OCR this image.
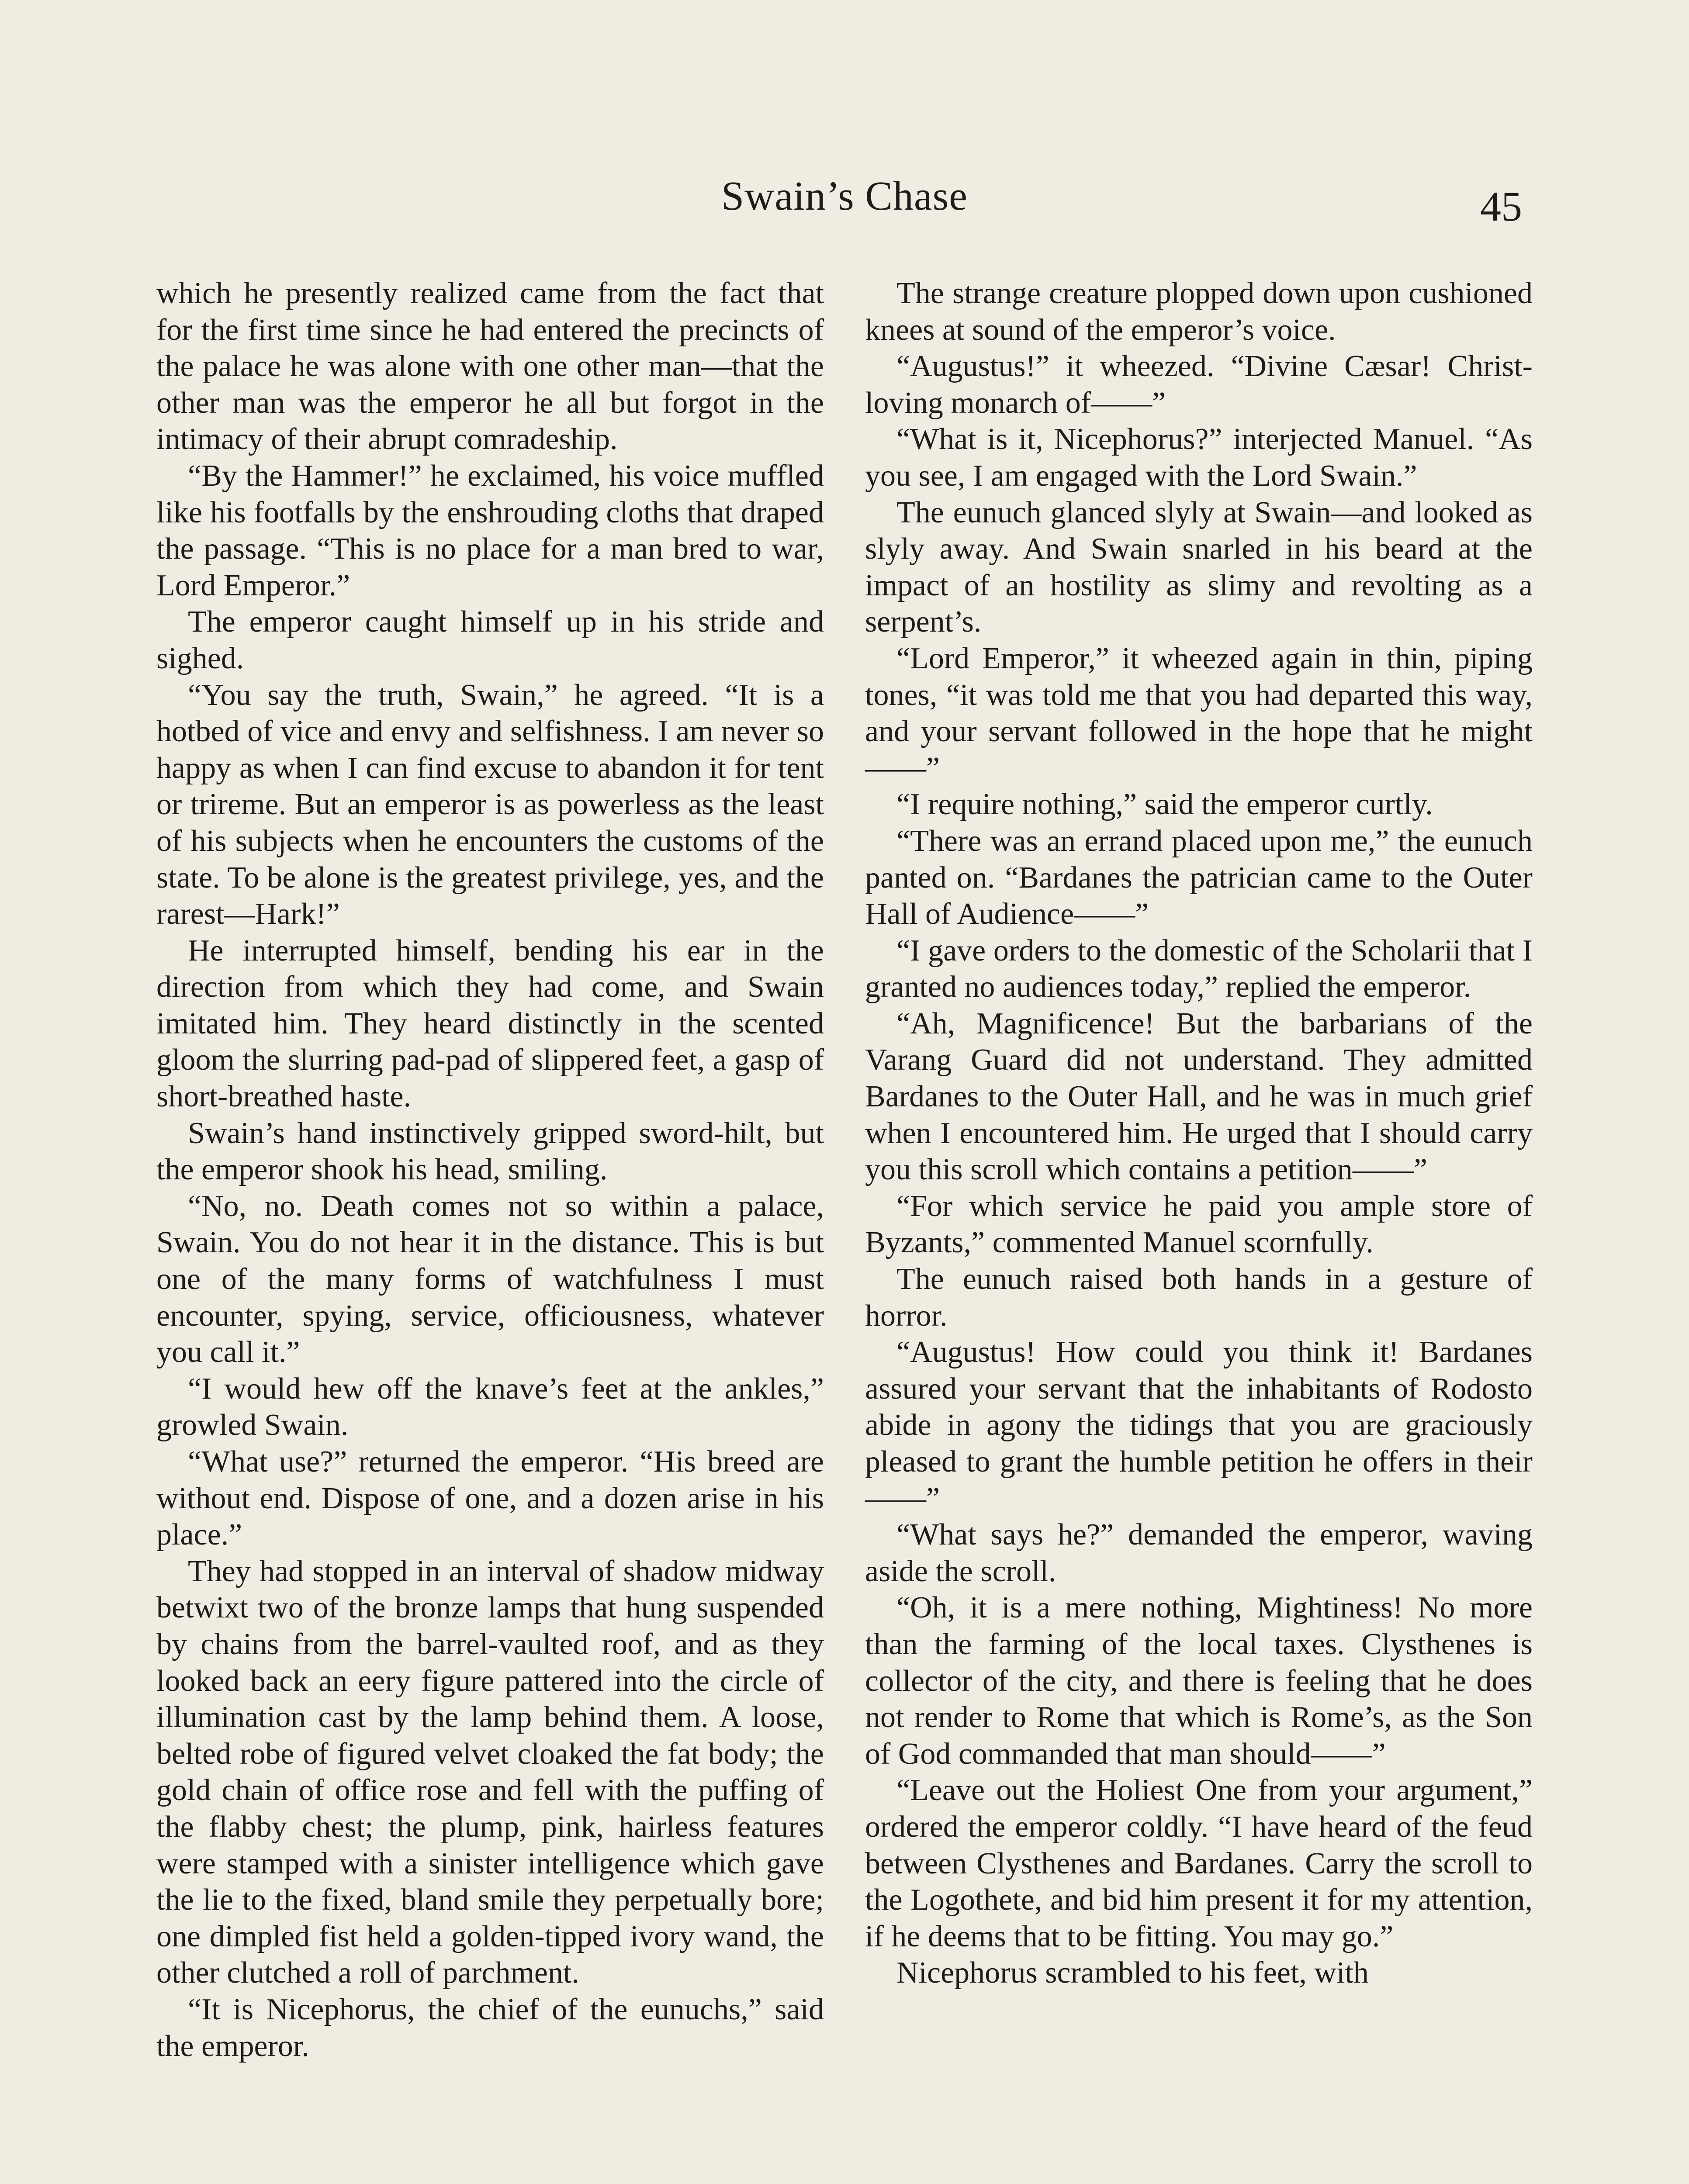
Swain’s Chase	45

which he presently realized came from the fact that for the first time since he had entered the precincts of the palace he was alone with one other man—that the other man was the emperor he all but forgot in the intimacy of their abrupt comradeship.

“By the Hammer!” he exclaimed, his voice muffled like his footfalls by the enshrouding cloths that draped the passage. “This is no place for a man bred to war, Lord Emperor.”

The emperor caught himself up in his stride and sighed.

“You say the truth, Swain,” he agreed. “It is a hotbed of vice and envy and selfishness. I am never so happy as when I can find excuse to abandon it for tent or trireme. But an emperor is as powerless as the least of his subjects when he encounters the customs of the state. To be alone is the greatest privilege, yes, and the rarest—Hark!”

He interrupted himself, bending his ear in the direction from which they had come, and Swain imitated him. They heard distinctly in the scented gloom the slurring pad-pad of slippered feet, a gasp of short-breathed haste.

Swain’s hand instinctively gripped sword-hilt, but the emperor shook his head, smiling.

“No, no. Death comes not so within a palace, Swain. You do not hear it in the distance. This is but one of the many forms of watchfulness I must encounter, spying, service, officiousness, whatever you call it.”

“I would hew off the knave’s feet at the ankles,” growled Swain.

“What use?” returned the emperor. “His breed are without end. Dispose of one, and a dozen arise in his place.”

They had stopped in an interval of shadow midway betwixt two of the bronze lamps that hung suspended by chains from the barrel-vaulted roof, and as they looked back an eery figure pattered into the circle of illumination cast by the lamp behind them. A loose, belted robe of figured velvet cloaked the fat body; the gold chain of office rose and fell with the puffing of the flabby chest; the plump, pink, hairless features were stamped with a sinister intelligence which gave the lie to the fixed, bland smile they perpetually bore; one dimpled fist held a golden-tipped ivory wand, the other clutched a roll of parchment.

“It is Nicephorus, the chief of the eunuchs,” said the emperor.

The strange creature plopped down upon cushioned knees at sound of the emperor’s voice.

“Augustus!” it wheezed. “Divine Cæsar! Christ-loving monarch of——”

“What is it, Nicephorus?” interjected Manuel. “As you see, I am engaged with the Lord Swain.”

The eunuch glanced slyly at Swain—and looked as slyly away. And Swain snarled in his beard at the impact of an hostility as slimy and revolting as a serpent’s.

“Lord Emperor,” it wheezed again in thin, piping tones, “it was told me that you had departed this way, and your servant followed in the hope that he might——”

“I require nothing,” said the emperor curtly.

“There was an errand placed upon me,” the eunuch panted on. “Bardanes the patrician came to the Outer Hall of Audience——”

“I gave orders to the domestic of the Scholarii that I granted no audiences today,” replied the emperor.

“Ah, Magnificence! But the barbarians of the Varang Guard did not understand. They admitted Bardanes to the Outer Hall, and he was in much grief when I encountered him. He urged that I should carry you this scroll which contains a petition——”

“For which service he paid you ample store of Byzants,” commented Manuel scornfully.

The eunuch raised both hands in a gesture of horror.

“Augustus! How could you think it! Bardanes assured your servant that the inhabitants of Rodosto abide in agony the tidings that you are graciously pleased to grant the humble petition he offers in their——”

“What says he?” demanded the emperor, waving aside the scroll.

“Oh, it is a mere nothing, Mightiness! No more than the farming of the local taxes. Clysthenes is collector of the city, and there is feeling that he does not render to Rome that which is Rome’s, as the Son of God commanded that man should——”

“Leave out the Holiest One from your argument,” ordered the emperor coldly. “I have heard of the feud between Clysthenes and Bardanes. Carry the scroll to the Logothete, and bid him present it for my attention, if he deems that to be fitting. You may go.”

Nicephorus scrambled to his feet, with
